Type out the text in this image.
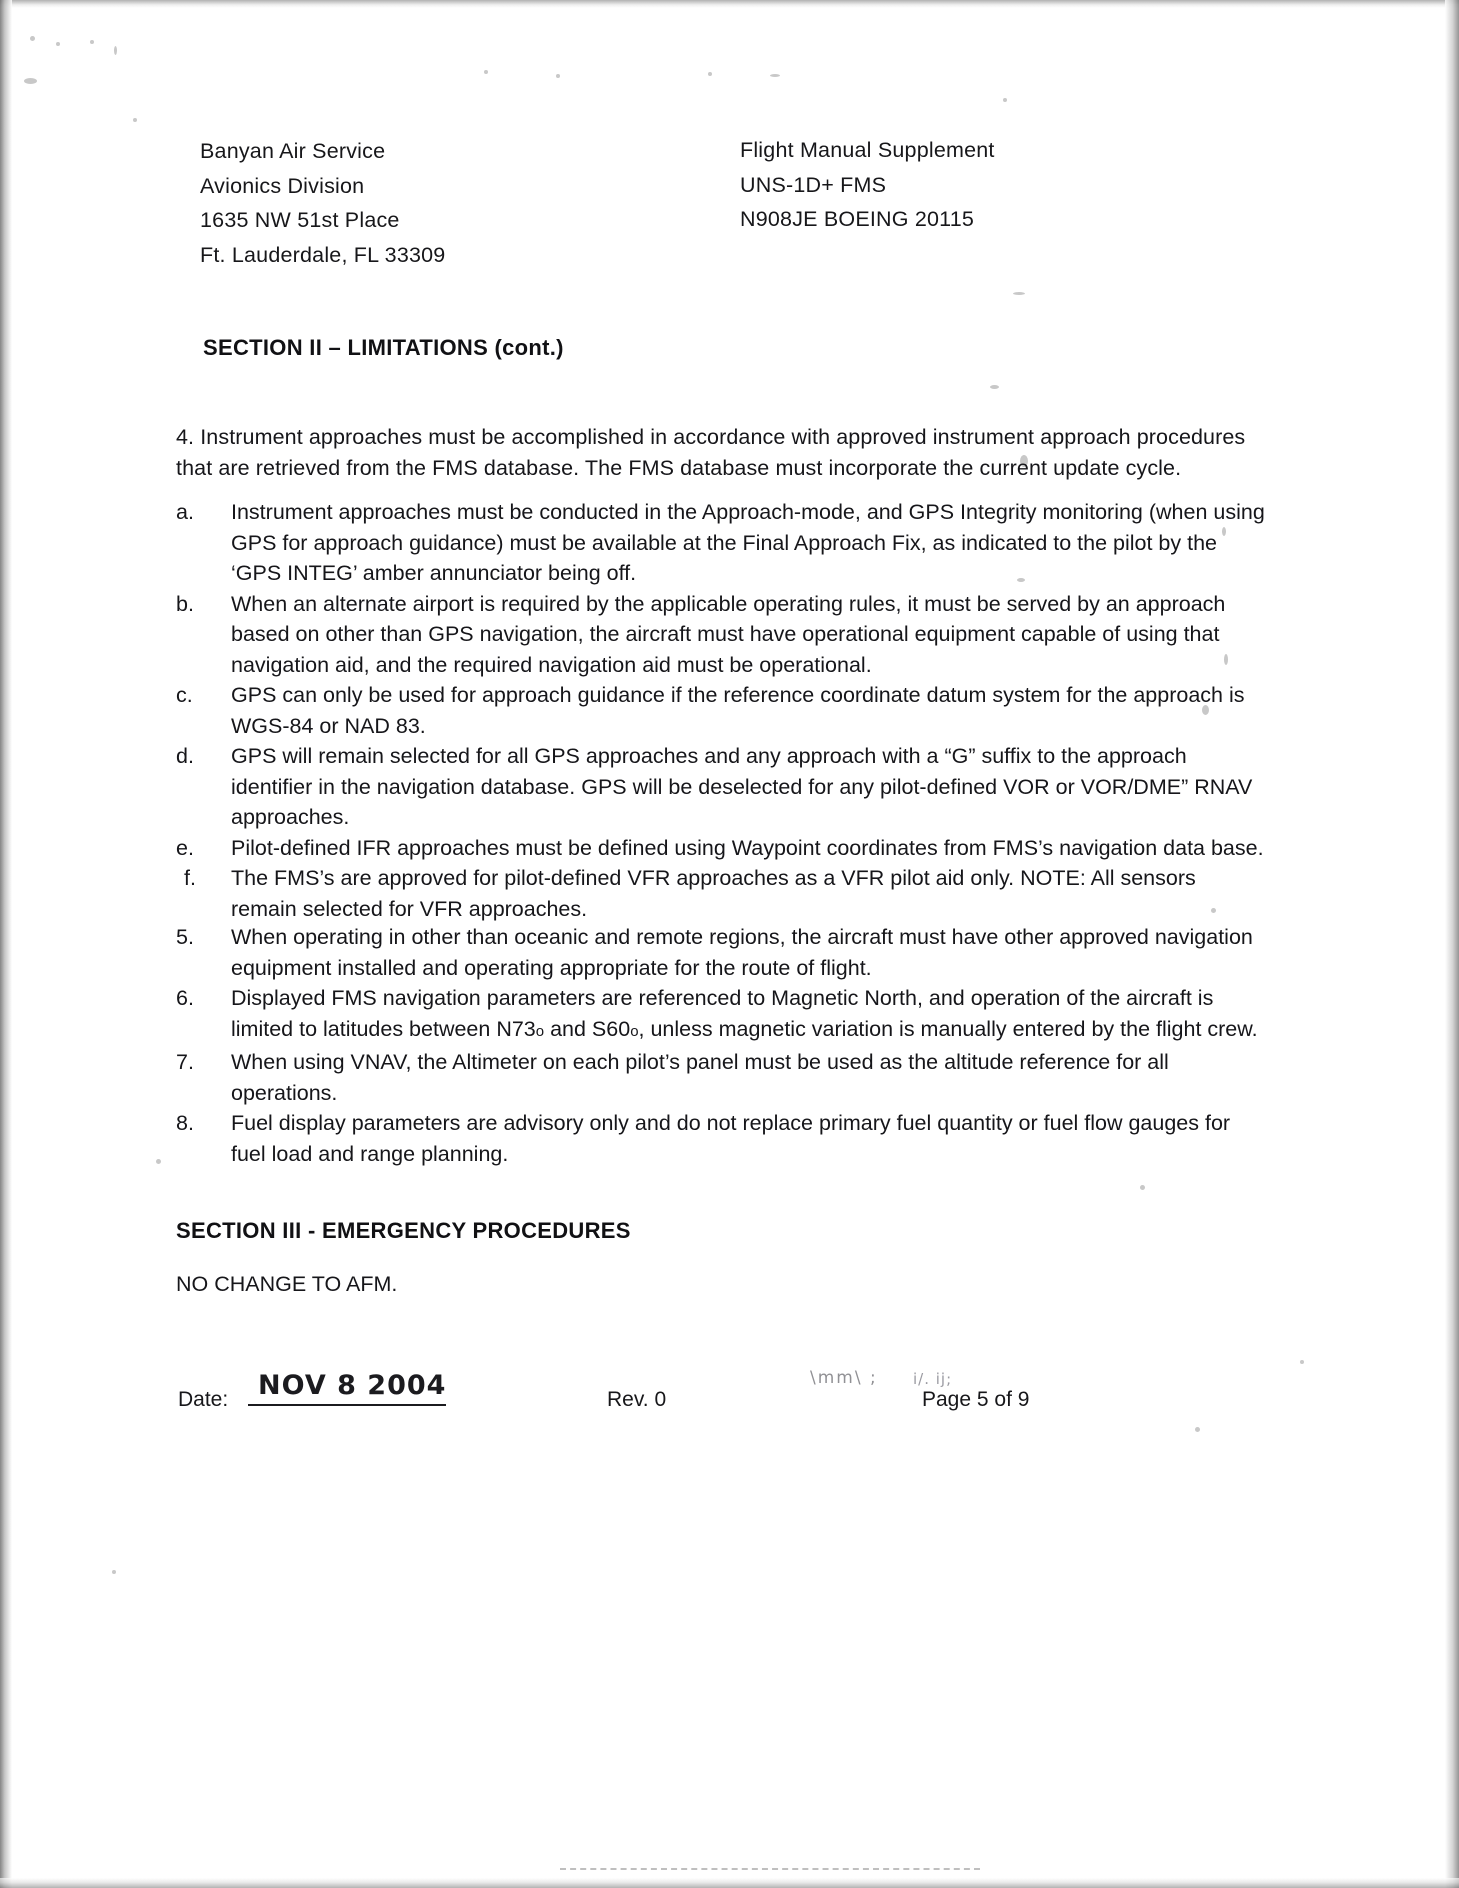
Banyan Air Service
Avionics Division
1635 NW 51st Place
Ft. Lauderdale, FL 33309
Flight Manual Supplement
UNS-1D+ FMS
N908JE BOEING 20115
SECTION II – LIMITATIONS (cont.)
4. Instrument approaches must be accomplished in accordance with approved instrument approach procedures that are retrieved from the FMS database. The FMS database must incorporate the current update cycle.
a.	Instrument approaches must be conducted in the Approach-mode, and GPS Integrity monitoring (when using GPS for approach guidance) must be available at the Final Approach Fix, as indicated to the pilot by the ‘GPS INTEG’ amber annunciator being off.
b.	When an alternate airport is required by the applicable operating rules, it must be served by an approach based on other than GPS navigation, the aircraft must have operational equipment capable of using that navigation aid, and the required navigation aid must be operational.
c.	GPS can only be used for approach guidance if the reference coordinate datum system for the approach is WGS-84 or NAD 83.
d.	GPS will remain selected for all GPS approaches and any approach with a “G” suffix to the approach identifier in the navigation database. GPS will be deselected for any pilot-defined VOR or VOR/DME” RNAV approaches.
e.	Pilot-defined IFR approaches must be defined using Waypoint coordinates from FMS’s navigation data base.
f.	The FMS’s are approved for pilot-defined VFR approaches as a VFR pilot aid only. NOTE: All sensors remain selected for VFR approaches.
5.	When operating in other than oceanic and remote regions, the aircraft must have other approved navigation equipment installed and operating appropriate for the route of flight.
6.	Displayed FMS navigation parameters are referenced to Magnetic North, and operation of the aircraft is limited to latitudes between N73o and S60o, unless magnetic variation is manually entered by the flight crew.
7.	When using VNAV, the Altimeter on each pilot’s panel must be used as the altitude reference for all operations.
8.	Fuel display parameters are advisory only and do not replace primary fuel quantity or fuel flow gauges for fuel load and range planning.
SECTION III - EMERGENCY PROCEDURES
NO CHANGE TO AFM.
Date: NOV 8 2004	Rev. 0
\mm\ ; i/. ij;
Page 5 of 9
